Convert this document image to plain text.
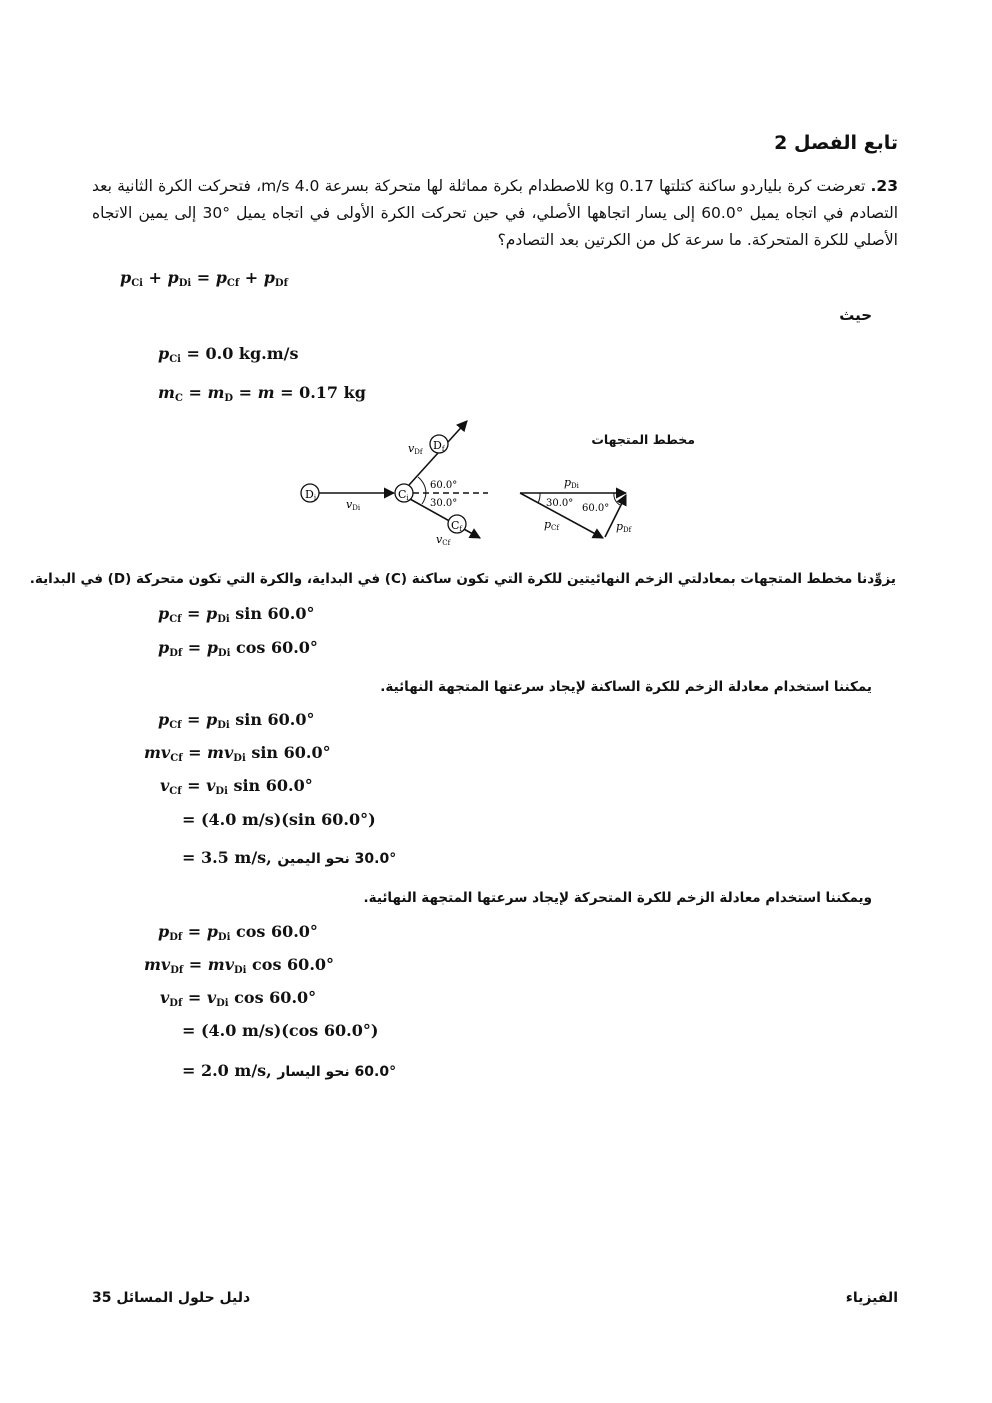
تابع الفصل 2
23. تعرضت كرة بلياردو ساكنة كتلتها 0.17 kg للاصطدام بكرة مماثلة لها متحركة بسرعة 4.0 m/s، فتحركت الكرة الثانية بعد التصادم في اتجاه يميل °60.0 إلى يسار اتجاهها الأصلي، في حين تحركت الكرة الأولى في اتجاه يميل °30 إلى يمين الاتجاه الأصلي للكرة المتحركة. ما سرعة كل من الكرتين بعد التصادم؟
$p_{Ci} + p_{Di} = p_{Cf} + p_{Df}$
حيث
$p_{Ci} = 0.0$ kg.m/s
$m_C = m_D = m = 0.17$ kg
مخطط المتجهات
Di	vDi
Ci
Df
vDf
Cf
vCf
60.0°
30.0°
pDi
30.0° 60.0°
pCf	pDf
يزوِّدنا مخطط المتجهات بمعادلتي الزخم النهائيتين للكرة التي تكون ساكنة (C) في البداية، والكرة التي تكون متحركة (D) في البداية.
$p_{Cf} = p_{Di}$ sin 60.0°
$p_{Df} = p_{Di}$ cos 60.0°
يمكننا استخدام معادلة الزخم للكرة الساكنة لإيجاد سرعتها المتجهة النهائية.
$p_{Cf} = p_{Di}$ sin 60.0°
$mv_{Cf} = mv_{Di}$ sin 60.0°
$v_{Cf} = v_{Di}$ sin 60.0°
= (4.0 m/s)(sin 60.0°)
= 3.5 m/s, 30.0° نحو اليمين
ويمكننا استخدام معادلة الزخم للكرة المتحركة لإيجاد سرعتها المتجهة النهائية.
$p_{Df} = p_{Di}$ cos 60.0°
$mv_{Df} = mv_{Di}$ cos 60.0°
$v_{Df} = v_{Di}$ cos 60.0°
= (4.0 m/s)(cos 60.0°)
= 2.0 m/s, 60.0° نحو اليسار
الفيزياء
35 دليل حلول المسائل
